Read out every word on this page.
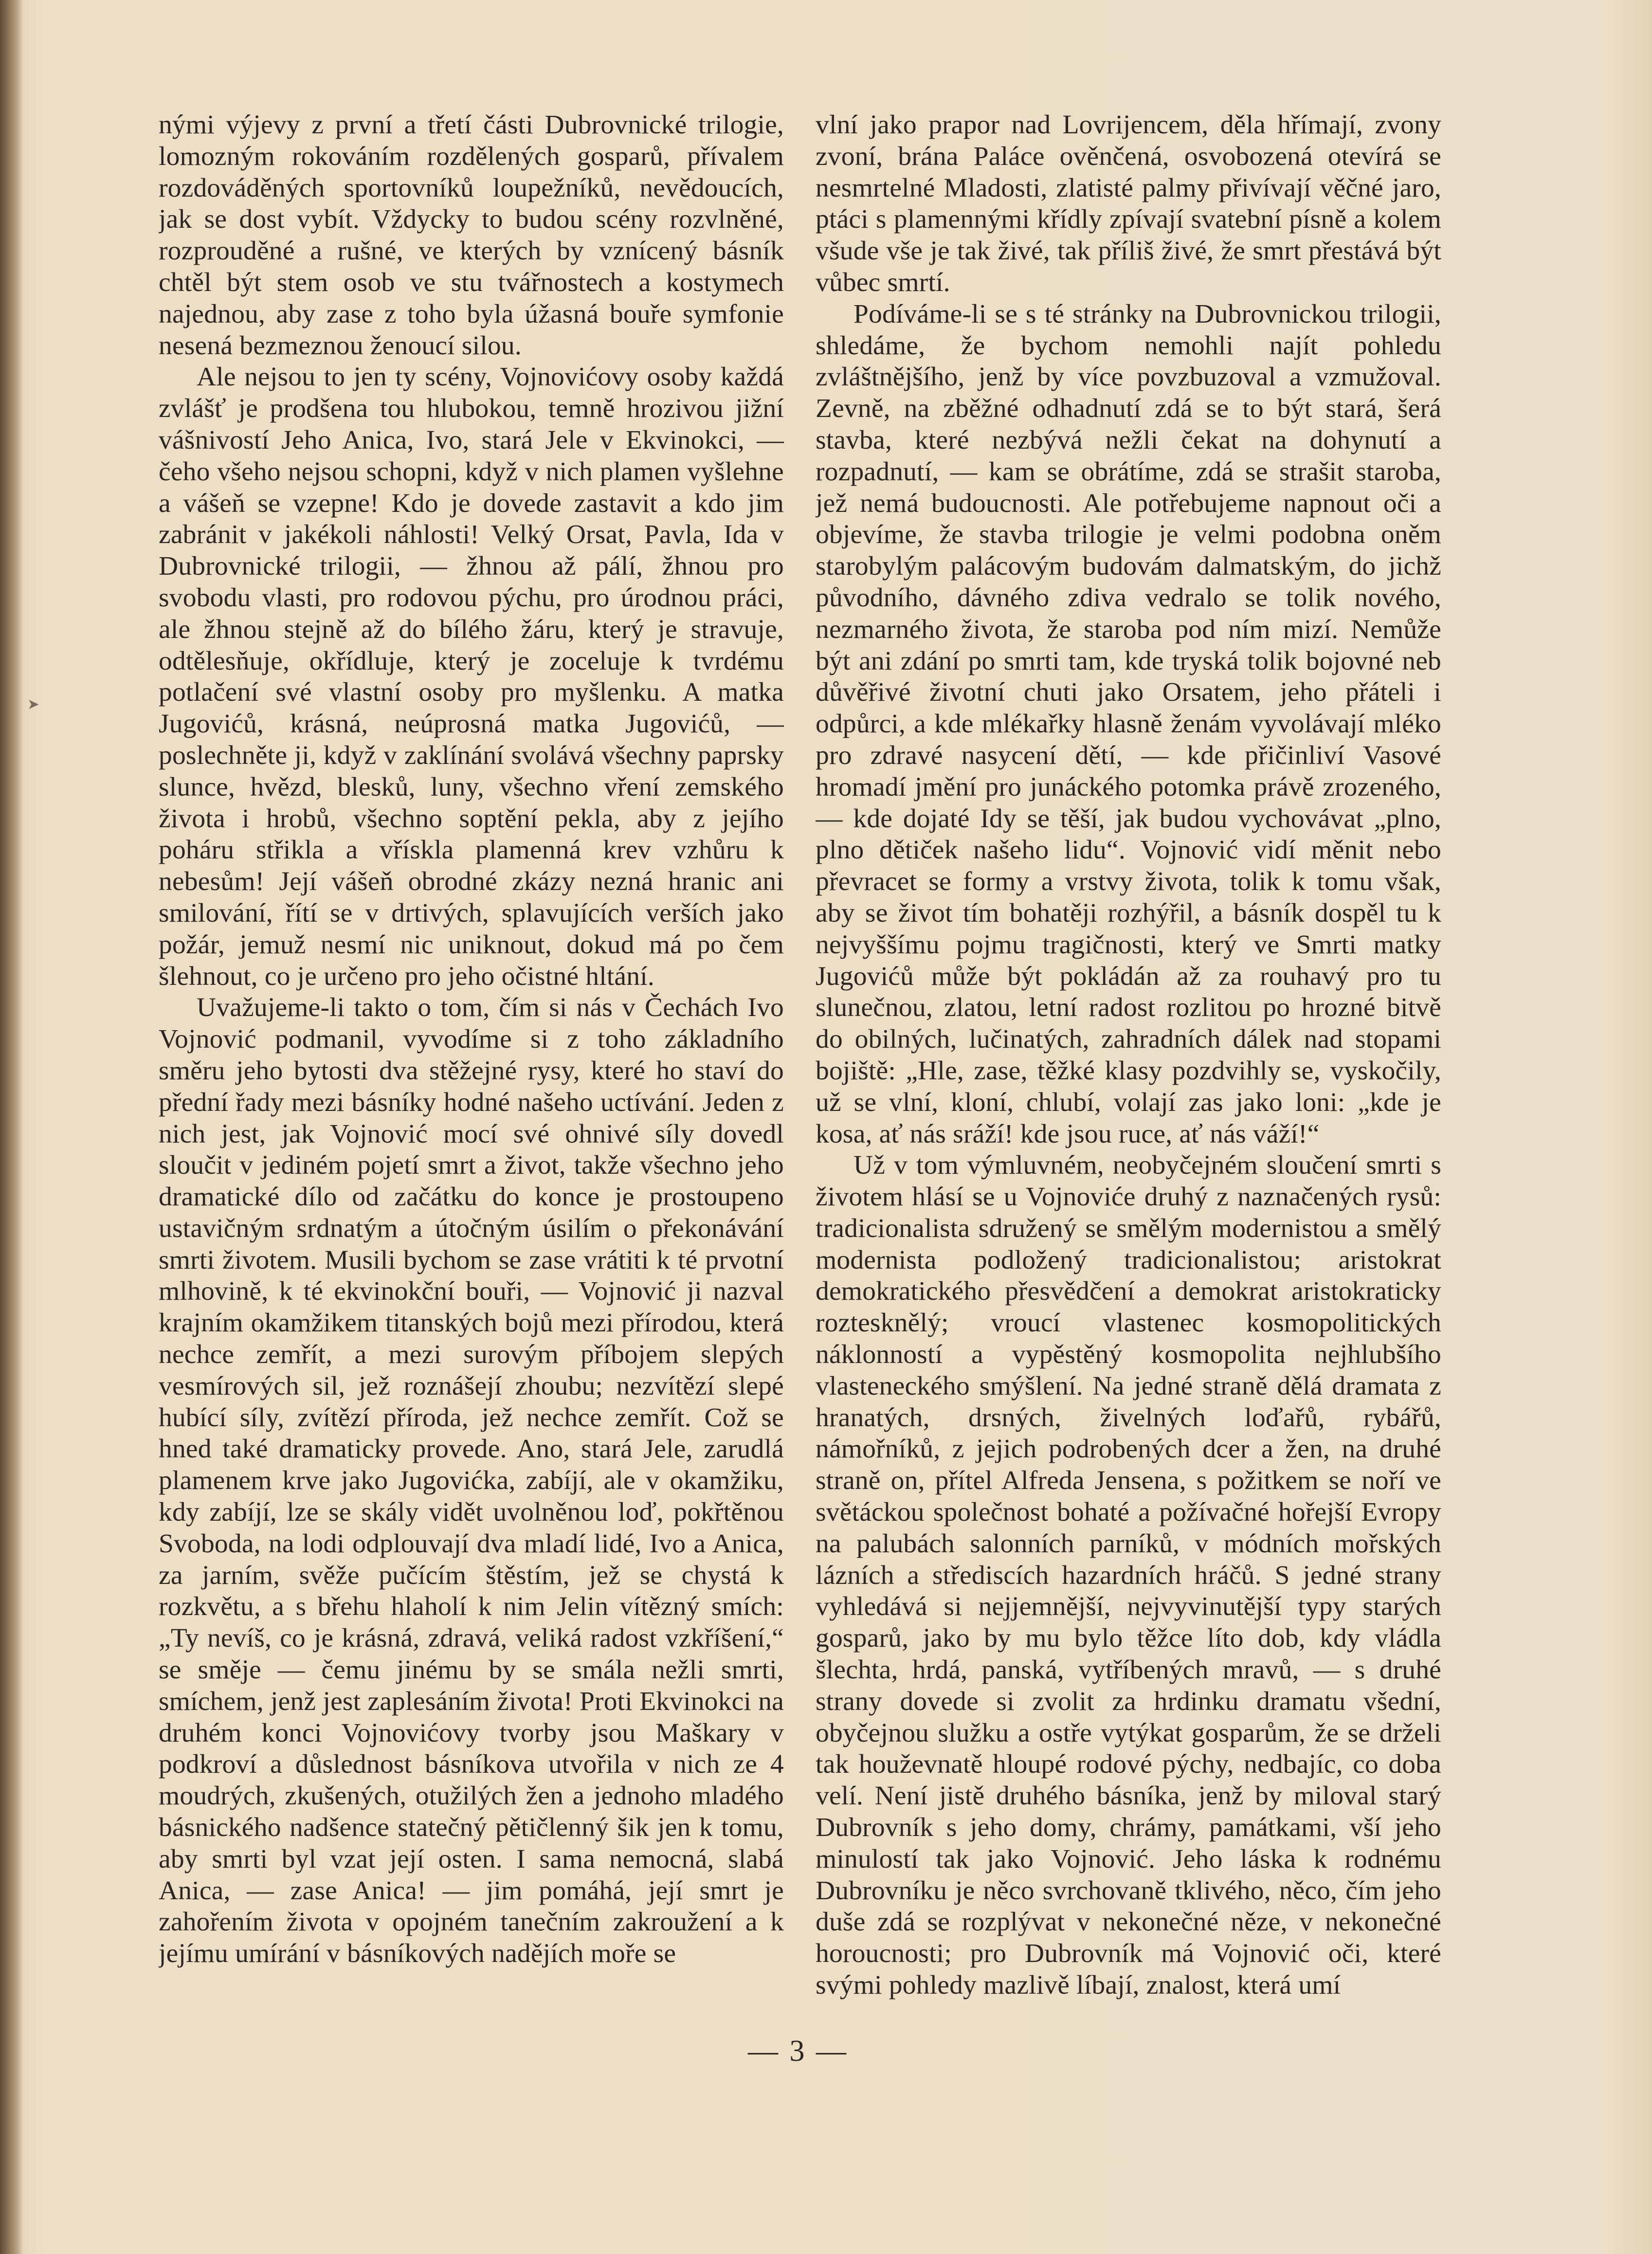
➤

nými výjevy z první a třetí části Dubrovnické trilogie, lomozným rokováním rozdělených gosparů, přívalem rozdováděných sportovníků loupežníků, nevědoucích, jak se dost vybít. Vždycky to budou scény rozvlněné, rozprouděné a rušné, ve kterých by vznícený básník chtěl být stem osob ve stu tvářnostech a kostymech najednou, aby zase z toho byla úžasná bouře symfonie nesená bezmeznou ženoucí silou.

Ale nejsou to jen ty scény, Vojnovićovy osoby každá zvlášť je prodšena tou hlubokou, temně hrozivou jižní vášnivostí Jeho Anica, Ivo, stará Jele v Ekvinokci, — čeho všeho nejsou schopni, když v nich plamen vyšlehne a vášeň se vzepne! Kdo je dovede zastavit a kdo jim zabránit v jakékoli náhlosti! Velký Orsat, Pavla, Ida v Dubrovnické trilogii, — žhnou až pálí, žhnou pro svobodu vlasti, pro rodovou pýchu, pro úrodnou práci, ale žhnou stejně až do bílého žáru, který je stravuje, odtělesňuje, okřídluje, který je zoceluje k tvrdému potlačení své vlastní osoby pro myšlenku. A matka Jugovićů, krásná, neúprosná matka Jugovićů, — poslechněte ji, když v zaklínání svolává všechny paprsky slunce, hvězd, blesků, luny, všechno vření zemského života i hrobů, všechno soptění pekla, aby z jejího poháru střikla a vřískla plamenná krev vzhůru k nebesům! Její vášeň obrodné zkázy nezná hranic ani smilování, řítí se v drtivých, splavujících verších jako požár, jemuž nesmí nic uniknout, dokud má po čem šlehnout, co je určeno pro jeho očistné hltání.

Uvažujeme-li takto o tom, čím si nás v Čechách Ivo Vojnović podmanil, vyvodíme si z toho základního směru jeho bytosti dva stěžejné rysy, které ho staví do přední řady mezi básníky hodné našeho uctívání. Jeden z nich jest, jak Vojnović mocí své ohnivé síly dovedl sloučit v jediném pojetí smrt a život, takže všechno jeho dramatické dílo od začátku do konce je prostoupeno ustavičným srdnatým a útočným úsilím o překonávání smrti životem. Musili bychom se zase vrátiti k té prvotní mlhovině, k té ekvinokční bouři, — Vojnović ji nazval krajním okamžikem titanských bojů mezi přírodou, která nechce zemřít, a mezi surovým příbojem slepých vesmírových sil, jež roznášejí zhoubu; nezvítězí slepé hubící síly, zvítězí příroda, jež nechce zemřít. Což se hned také dramaticky provede. Ano, stará Jele, zarudlá plamenem krve jako Jugovićka, zabíjí, ale v okamžiku, kdy zabíjí, lze se skály vidět uvolněnou loď, pokřtěnou Svoboda, na lodi odplouvají dva mladí lidé, Ivo a Anica, za jarním, svěže pučícím štěstím, jež se chystá k rozkvětu, a s břehu hlaholí k nim Jelin vítězný smích: „Ty nevíš, co je krásná, zdravá, veliká radost vzkříšení,“ se směje — čemu jinému by se smála nežli smrti, smíchem, jenž jest zaplesáním života! Proti Ekvinokci na druhém konci Vojnovićovy tvorby jsou Maškary v podkroví a důslednost básníkova utvořila v nich ze 4 moudrých, zkušených, otužilých žen a jednoho mladého básnického nadšence statečný pětičlenný šik jen k tomu, aby smrti byl vzat její osten. I sama nemocná, slabá Anica, — zase Anica! — jim pomáhá, její smrt je zahořením života v opojném tanečním zakroužení a k jejímu umírání v básníkových nadějích moře se

vlní jako prapor nad Lovrijencem, děla hřímají, zvony zvoní, brána Paláce ověnčená, osvobozená otevírá se nesmrtelné Mladosti, zlatisté palmy přivívají věčné jaro, ptáci s plamennými křídly zpívají svatební písně a kolem všude vše je tak živé, tak příliš živé, že smrt přestává být vůbec smrtí.

Podíváme-li se s té stránky na Dubrovnickou trilogii, shledáme, že bychom nemohli najít pohledu zvláštnějšího, jenž by více povzbuzoval a vzmužoval. Zevně, na zběžné odhadnutí zdá se to být stará, šerá stavba, které nezbývá nežli čekat na dohynutí a rozpadnutí, — kam se obrátíme, zdá se strašit staroba, jež nemá budoucnosti. Ale potřebujeme napnout oči a objevíme, že stavba trilogie je velmi podobna oněm starobylým palácovým budovám dalmatským, do jichž původního, dávného zdiva vedralo se tolik nového, nezmarného života, že staroba pod ním mizí. Nemůže být ani zdání po smrti tam, kde tryská tolik bojovné neb důvěřivé životní chuti jako Orsatem, jeho přáteli i odpůrci, a kde mlékařky hlasně ženám vyvolávají mléko pro zdravé nasycení dětí, — kde přičinliví Vasové hromadí jmění pro junáckého potomka právě zrozeného, — kde dojaté Idy se těší, jak budou vychovávat „plno, plno dětiček našeho lidu“. Vojnović vidí měnit nebo převracet se formy a vrstvy života, tolik k tomu však, aby se život tím bohatěji rozhýřil, a básník dospěl tu k nejvyššímu pojmu tragičnosti, který ve Smrti matky Jugovićů může být pokládán až za rouhavý pro tu slunečnou, zlatou, letní radost rozlitou po hrozné bitvě do obilných, lučinatých, zahradních dálek nad stopami bojiště: „Hle, zase, těžké klasy pozdvihly se, vyskočily, už se vlní, kloní, chlubí, volají zas jako loni: „kde je kosa, ať nás sráží! kde jsou ruce, ať nás váží!“

Už v tom výmluvném, neobyčejném sloučení smrti s životem hlásí se u Vojnoviće druhý z naznačených rysů: tradicionalista sdružený se smělým modernistou a smělý modernista podložený tradicionalistou; aristokrat demokratického přesvědčení a demokrat aristokraticky roztesknělý; vroucí vlastenec kosmopolitických náklonností a vypěstěný kosmopolita nejhlubšího vlasteneckého smýšlení. Na jedné straně dělá dramata z hranatých, drsných, živelných loďařů, rybářů, námořníků, z jejich podrobených dcer a žen, na druhé straně on, přítel Alfreda Jensena, s požitkem se noří ve světáckou společnost bohaté a požívačné hořejší Evropy na palubách salonních parníků, v módních mořských lázních a střediscích hazardních hráčů. S jedné strany vyhledává si nejjemnější, nejvyvinutější typy starých gosparů, jako by mu bylo těžce líto dob, kdy vládla šlechta, hrdá, panská, vytříbených mravů, — s druhé strany dovede si zvolit za hrdinku dramatu všední, obyčejnou služku a ostře vytýkat gosparům, že se drželi tak houževnatě hloupé rodové pýchy, nedbajíc, co doba velí. Není jistě druhého básníka, jenž by miloval starý Dubrovník s jeho domy, chrámy, památkami, vší jeho minulostí tak jako Vojnović. Jeho láska k rodnému Dubrovníku je něco svrchovaně tklivého, něco, čím jeho duše zdá se rozplývat v nekonečné něze, v nekonečné horoucnosti; pro Dubrovník má Vojnović oči, které svými pohledy mazlivě líbají, znalost, která umí

— 3 —
